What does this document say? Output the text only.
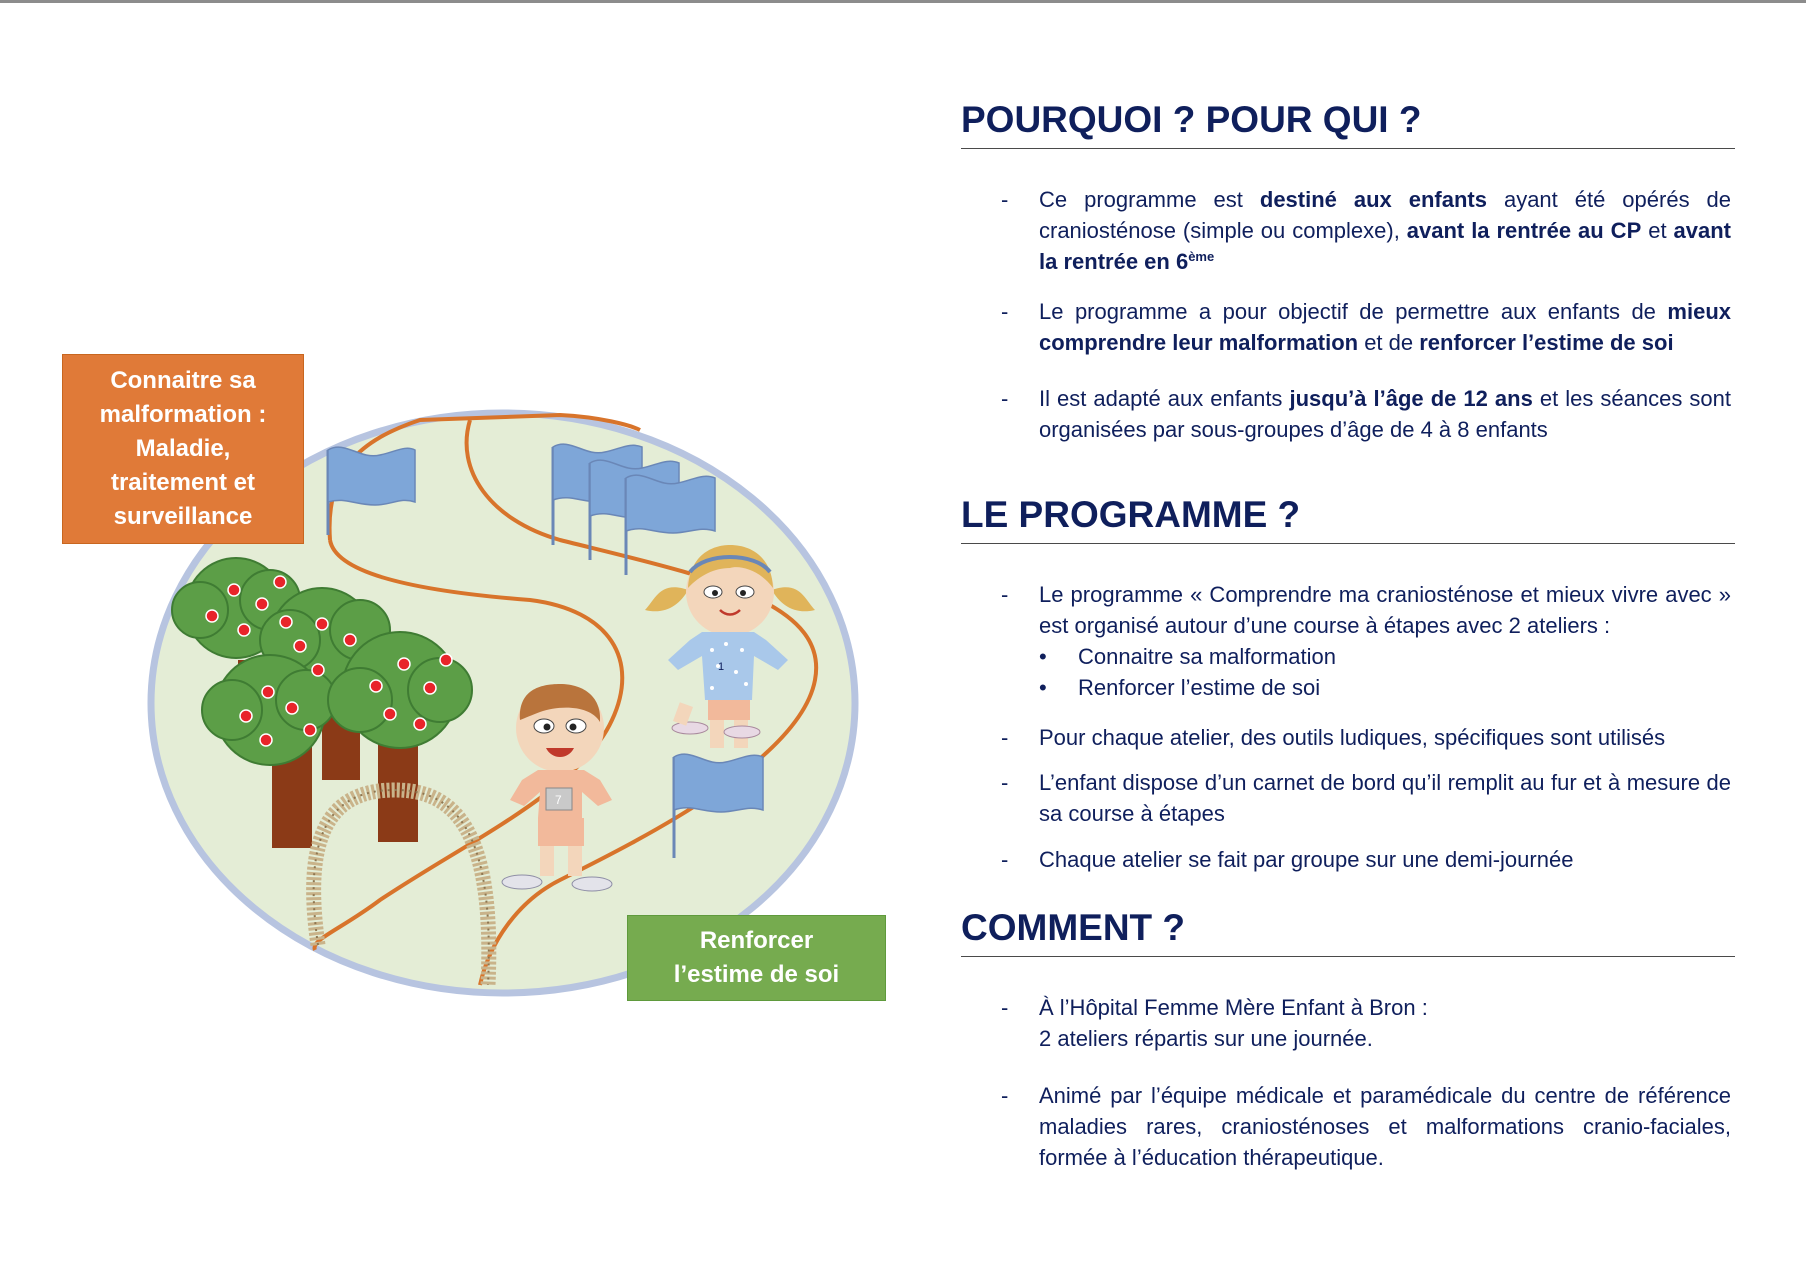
1
7
Connaitre sa
malformation :
Maladie,
traitement et
surveillance
Renforcer
l’estime de soi
POURQUOI ? POUR QUI ?
- Ce programme est destiné aux enfants ayant été opérés de craniosténose (simple ou complexe), avant la rentrée au CP et avant la rentrée en 6ème
- Le programme a pour objectif de permettre aux enfants de mieux comprendre leur malformation et de renforcer l’estime de soi
- Il est adapté aux enfants jusqu’à l’âge de 12 ans et les séances sont organisées par sous-groupes d’âge de 4 à 8 enfants
LE PROGRAMME ?
- Le programme « Comprendre ma craniosténose et mieux vivre avec » est organisé autour d’une course à étapes avec 2 ateliers :
• Connaitre sa malformation
• Renforcer l’estime de soi
- Pour chaque atelier, des outils ludiques, spécifiques sont utilisés
- L’enfant dispose d’un carnet de bord qu’il remplit au fur et à mesure de sa course à étapes
- Chaque atelier se fait par groupe sur une demi-journée
COMMENT ?
- À l’Hôpital Femme Mère Enfant à Bron :
2 ateliers répartis sur une journée.
- Animé par l’équipe médicale et paramédicale du centre de référence maladies rares, craniosténoses et malformations cranio-faciales, formée à l’éducation thérapeutique.
